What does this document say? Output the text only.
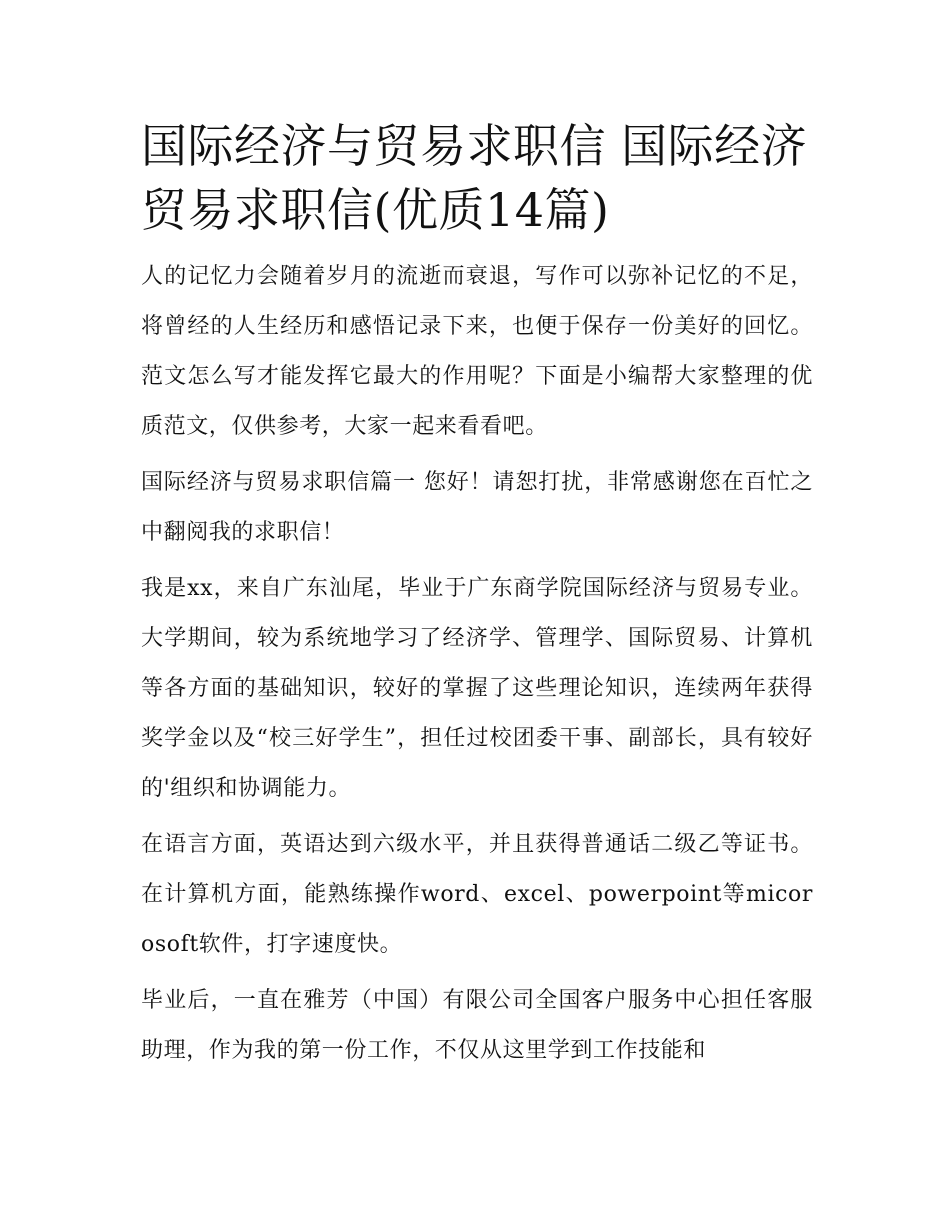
国际经济与贸易求职信 国际经济贸易求职信(优质14篇)

人的记忆力会随着岁月的流逝而衰退，写作可以弥补记忆的不足，将曾经的人生经历和感悟记录下来，也便于保存一份美好的回忆。范文怎么写才能发挥它最大的作用呢？下面是小编帮大家整理的优质范文，仅供参考，大家一起来看看吧。

国际经济与贸易求职信篇一 您好！请恕打扰，非常感谢您在百忙之中翻阅我的求职信！

我是xx，来自广东汕尾，毕业于广东商学院国际经济与贸易专业。大学期间，较为系统地学习了经济学、管理学、国际贸易、计算机等各方面的基础知识，较好的掌握了这些理论知识，连续两年获得奖学金以及“校三好学生”，担任过校团委干事、副部长，具有较好的'组织和协调能力。

在语言方面，英语达到六级水平，并且获得普通话二级乙等证书。在计算机方面，能熟练操作word、excel、powerpoint等micorosoft软件，打字速度快。

毕业后，一直在雅芳（中国）有限公司全国客户服务中心担任客服助理，作为我的第一份工作，不仅从这里学到工作技能和
